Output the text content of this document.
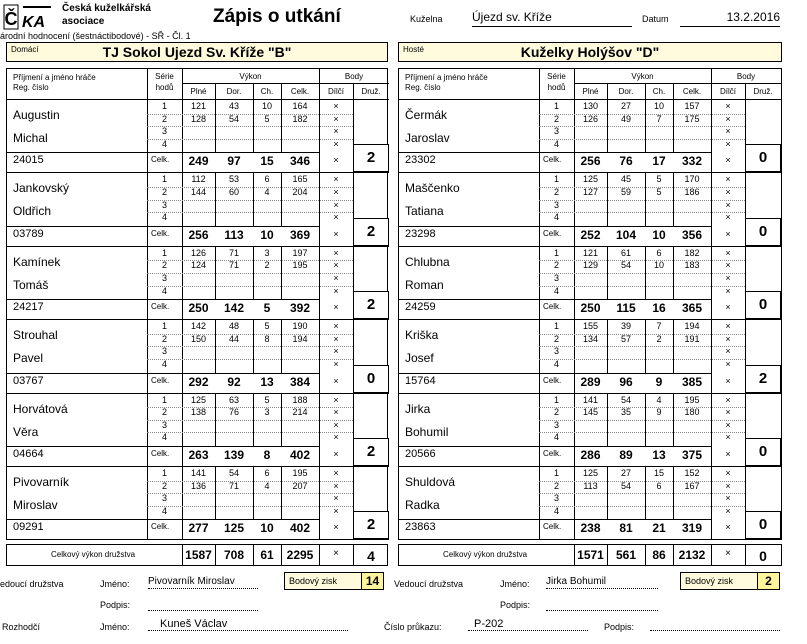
Č KA
Česká kuželkářská
asociace	Zápis o utkání	Kuželna Újezd sv. Kříže	Datum	13.2.2016
árodní hodnocení (šestnáctibodové) - SŘ - Čl. 1
Domácí	TJ Sokol Ujezd Sv. Kříže "B"	Hosté	Kuželky Holýšov "D"
Příjmení a jméno hráče
Reg. číslo
Série
hodů
Výkon
Plné	Dor.	Ch.	Celk.
Body
Dílčí	Druž.
Augustin
Michal
24015
1	121	43	10	164	×
2	128	54	5	182	×
3	×
4	×
Celk.	249	97	15	346	×	2
Jankovský
Oldřich
03789
1	112	53	6	165	×
2	144	60	4	204	×
3	×
4	×
Celk.	256	113	10	369	×	2
Kamínek
Tomáš
24217
1	126	71	3	197	×
2	124	71	2	195	×
3	×
4	×
Celk.	250	142	5	392	×	2
Strouhal
Pavel
03767
1	142	48	5	190	×
2	150	44	8	194	×
3	×
4	×
Celk.	292	92	13	384	×	0
Horvátová
Věra
04664
1	125	63	5	188	×
2	138	76	3	214	×
3	×
4	×
Celk.	263	139	8	402	×	2
Pivovarník
Miroslav
09291
1	141	54	6	195	×
2	136	71	4	207	×
3	×
4	×
Celk.	277	125	10	402	×	2
Příjmení a jméno hráče
Reg. číslo
Série
hodů
Výkon
Plné	Dor.	Ch.	Celk.
Body
Dílčí	Druž.
Čermák
Jaroslav
23302
1	130	27	10	157	×
2	126	49	7	175	×
3	×
4	×
Celk.	256	76	17	332	×	0
Maščenko
Tatiana
23298
1	125	45	5	170	×
2	127	59	5	186	×
3	×
4	×
Celk.	252	104	10	356	×	0
Chlubna
Roman
24259
1	121	61	6	182	×
2	129	54	10	183	×
3	×
4	×
Celk.	250	115	16	365	×	0
Kriška
Josef
15764
1	155	39	7	194	×
2	134	57	2	191	×
3	×
4	×
Celk.	289	96	9	385	×	2
Jirka
Bohumil
20566
1	141	54	4	195	×
2	145	35	9	180	×
3	×
4	×
Celk.	286	89	13	375	×	0
Shuldová
Radka
23863
1	125	27	15	152	×
2	113	54	6	167	×
3	×
4	×
Celk.	238	81	21	319	×	0
Celkový výkon družstva	1587	708	61	2295	×	4	Celkový výkon družstva	1571	561	86	2132	×	0
Bodový zisk	14	Bodový zisk	2
edoucí družstva	Jméno: Pivovarník Miroslav
Podpis:
Vedoucí družstva	Jméno: Jirka Bohumil
Podpis:
Rozhodčí	Jméno:	Kuneš Václav	Číslo průkazu:	P-202	Podpis:
